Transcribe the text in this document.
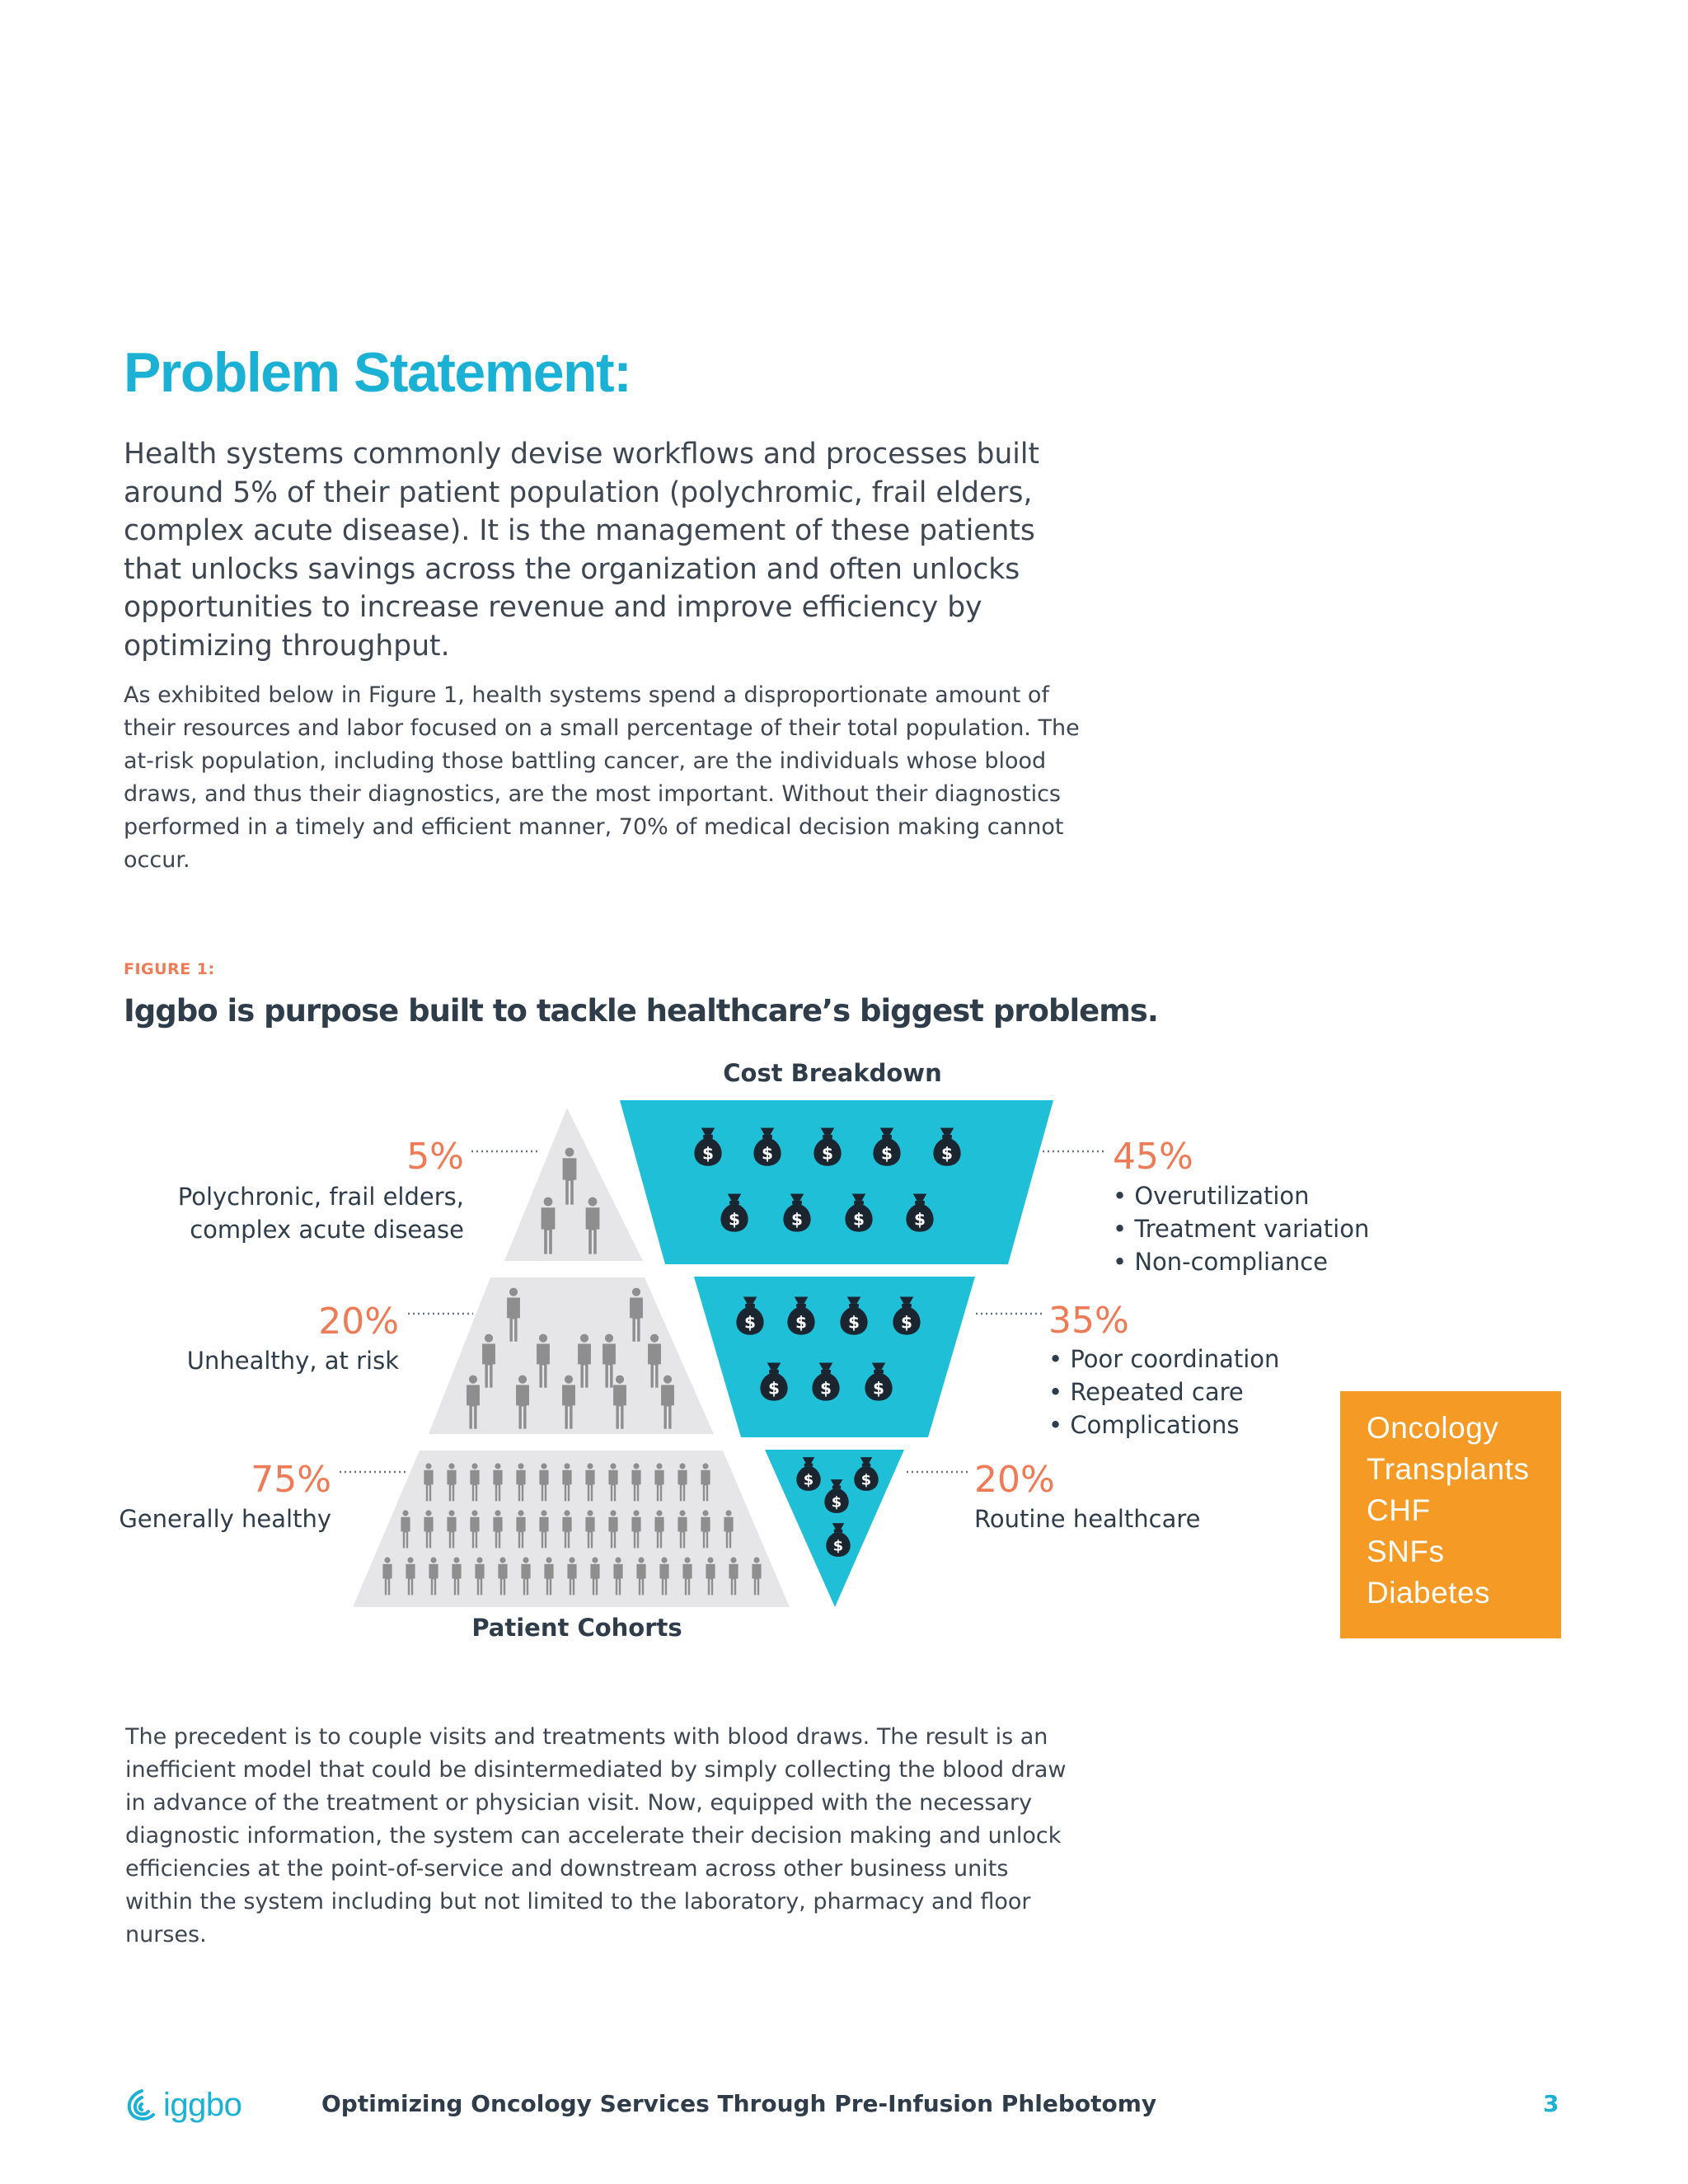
Problem Statement:

Health systems commonly devise workflows and processes built around 5% of their patient population (polychromic, frail elders, complex acute disease). It is the management of these patients that unlocks savings across the organization and often unlocks opportunities to increase revenue and improve efficiency by optimizing throughput.

As exhibited below in Figure 1, health systems spend a disproportionate amount of their resources and labor focused on a small percentage of their total population. The at-risk population, including those battling cancer, are the individuals whose blood draws, and thus their diagnostics, are the most important. Without their diagnostics performed in a timely and efficient manner, 70% of medical decision making cannot occur.

FIGURE 1:
Iggbo is purpose built to tackle healthcare’s biggest problems.
Cost Breakdown
Patient Cohorts
5%
Polychronic, frail elders,
complex acute disease
20%
Unhealthy, at risk
75%
Generally healthy
45%
• Overutilization
• Treatment variation
• Non-compliance
35%
• Poor coordination
• Repeated care
• Complications
20%
Routine healthcare
Oncology
Transplants
CHF
SNFs
Diabetes

The precedent is to couple visits and treatments with blood draws. The result is an inefficient model that could be disintermediated by simply collecting the blood draw in advance of the treatment or physician visit. Now, equipped with the necessary diagnostic information, the system can accelerate their decision making and unlock efficiencies at the point-of-service and downstream across other business units within the system including but not limited to the laboratory, pharmacy and floor nurses.

iggbo	Optimizing Oncology Services Through Pre-Infusion Phlebotomy	3
